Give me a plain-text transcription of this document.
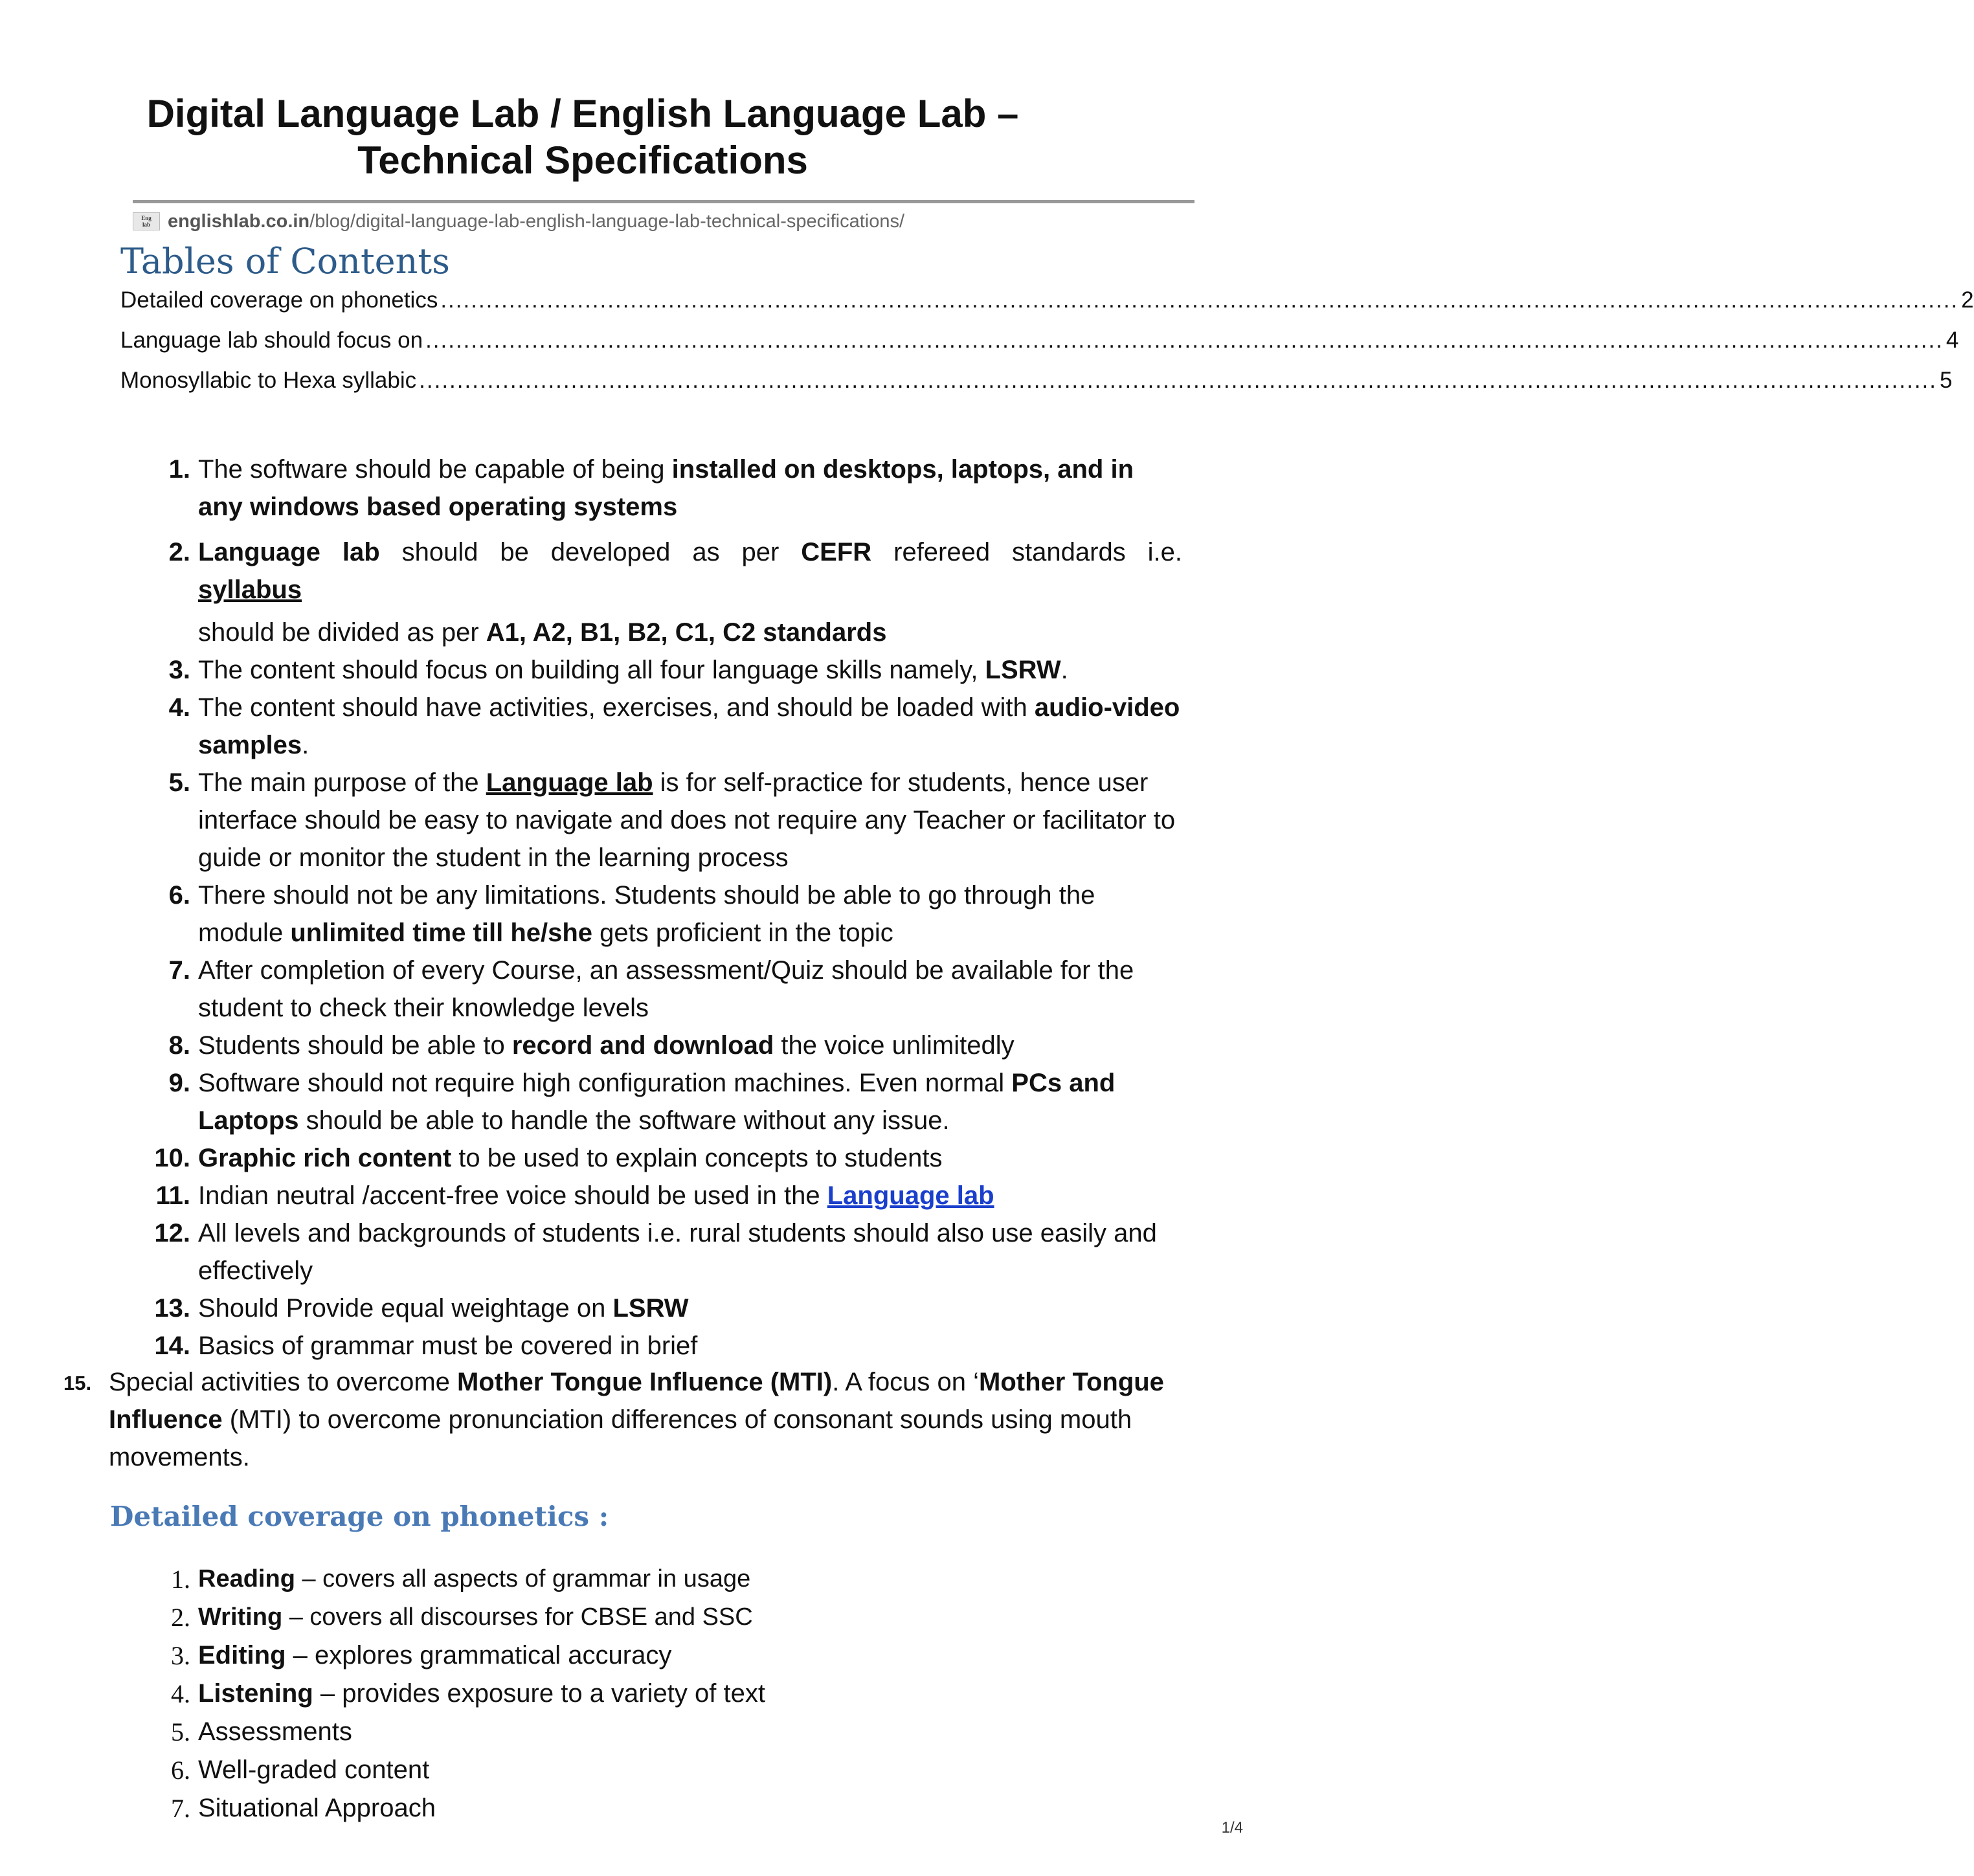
Digital Language Lab / English Language Lab –
Technical Specifications
Eng
lab englishlab.co.in /blog/digital-language-lab-english-language-lab-technical-specifications/
Tables of Contents
Detailed coverage on phonetics ........................................................................................................................................................................................................ 2
Language lab should focus on ........................................................................................................................................................................................................ 4
Monosyllabic to Hexa syllabic ........................................................................................................................................................................................................ 5
1. The software should be capable of being installed on desktops, laptops, and in any windows based operating systems
2. Language lab should be developed as per CEFR refereed standards i.e.
syllabus
should be divided as per A1, A2, B1, B2, C1, C2 standards
3. The content should focus on building all four language skills namely, LSRW.
4. The content should have activities, exercises, and should be loaded with audio-video samples.
5. The main purpose of the Language lab is for self-practice for students, hence user interface should be easy to navigate and does not require any Teacher or facilitator to guide or monitor the student in the learning process
6. There should not be any limitations. Students should be able to go through the module unlimited time till he/she gets proficient in the topic
7. After completion of every Course, an assessment/Quiz should be available for the student to check their knowledge levels
8. Students should be able to record and download the voice unlimitedly
9. Software should not require high configuration machines. Even normal PCs and Laptops should be able to handle the software without any issue.
10. Graphic rich content to be used to explain concepts to students
11. Indian neutral /accent-free voice should be used in the Language lab
12. All levels and backgrounds of students i.e. rural students should also use easily and effectively
13. Should Provide equal weightage on LSRW
14. Basics of grammar must be covered in brief
15. Special activities to overcome Mother Tongue Influence (MTI). A focus on ‘Mother Tongue Influence (MTI) to overcome pronunciation differences of consonant sounds using mouth movements.
Detailed coverage on phonetics :
1. Reading – covers all aspects of grammar in usage
2. Writing – covers all discourses for CBSE and SSC
3. Editing – explores grammatical accuracy
4. Listening – provides exposure to a variety of text
5. Assessments
6. Well-graded content
7. Situational Approach
1/4
